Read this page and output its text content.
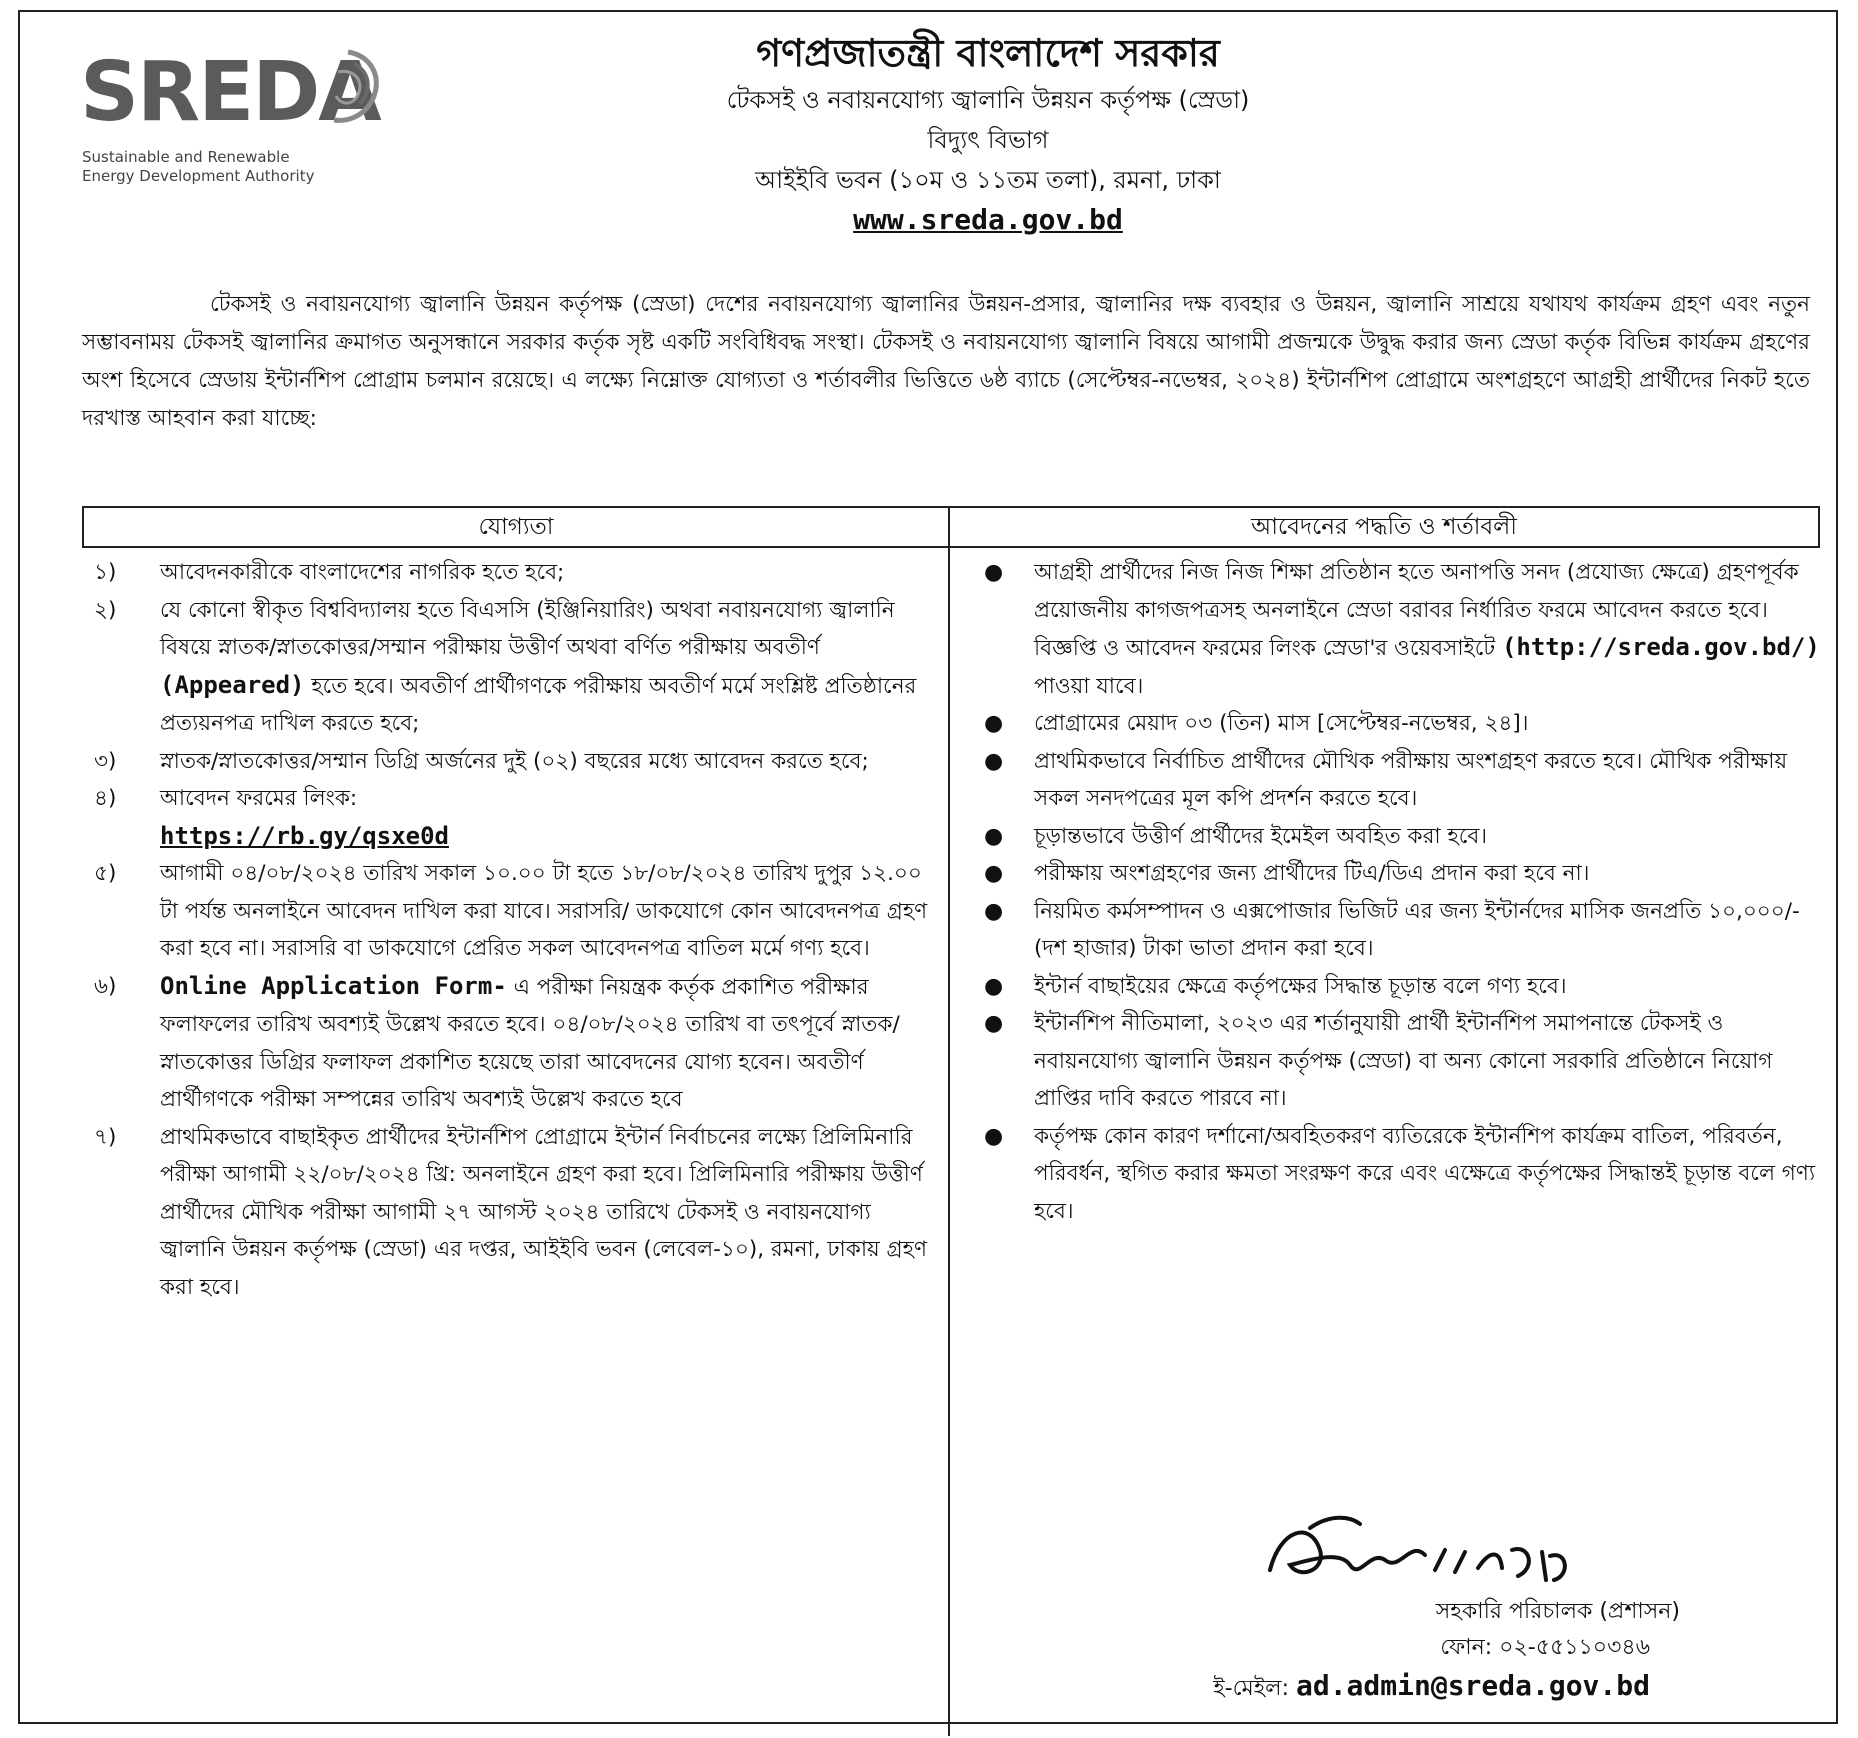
SREDA
Sustainable and Renewable
Energy Development Authority
গণপ্রজাতন্ত্রী বাংলাদেশ সরকার
টেকসই ও নবায়নযোগ্য জ্বালানি উন্নয়ন কর্তৃপক্ষ (স্রেডা)
বিদ্যুৎ বিভাগ
আইইবি ভবন (১০ম ও ১১তম তলা), রমনা, ঢাকা
www.sreda.gov.bd
টেকসই ও নবায়নযোগ্য জ্বালানি উন্নয়ন কর্তৃপক্ষ (স্রেডা) দেশের নবায়নযোগ্য জ্বালানির উন্নয়ন-প্রসার, জ্বালানির দক্ষ ব্যবহার ও উন্নয়ন, জ্বালানি সাশ্রয়ে যথাযথ কার্যক্রম গ্রহণ এবং নতুন সম্ভাবনাময় টেকসই জ্বালানির ক্রমাগত অনুসন্ধানে সরকার কর্তৃক সৃষ্ট একটি সংবিধিবদ্ধ সংস্থা। টেকসই ও নবায়নযোগ্য জ্বালানি বিষয়ে আগামী প্রজন্মকে উদ্বুদ্ধ করার জন্য স্রেডা কর্তৃক বিভিন্ন কার্যক্রম গ্রহণের অংশ হিসেবে স্রেডায় ইন্টার্নশিপ প্রোগ্রাম চলমান রয়েছে। এ লক্ষ্যে নিম্নোক্ত যোগ্যতা ও শর্তাবলীর ভিত্তিতে ৬ষ্ঠ ব্যাচে (সেপ্টেম্বর-নভেম্বর, ২০২৪) ইন্টার্নশিপ প্রোগ্রামে অংশগ্রহণে আগ্রহী প্রার্থীদের নিকট হতে দরখাস্ত আহবান করা যাচ্ছে:
যোগ্যতা	আবেদনের পদ্ধতি ও শর্তাবলী
১) আবেদনকারীকে বাংলাদেশের নাগরিক হতে হবে;

২) যে কোনো স্বীকৃত বিশ্ববিদ্যালয় হতে বিএসসি (ইঞ্জিনিয়ারিং) অথবা নবায়নযোগ্য জ্বালানি বিষয়ে স্নাতক/স্নাতকোত্তর/সম্মান পরীক্ষায় উত্তীর্ণ অথবা বর্ণিত পরীক্ষায় অবতীর্ণ (Appeared) হতে হবে। অবতীর্ণ প্রার্থীগণকে পরীক্ষায় অবতীর্ণ মর্মে সংশ্লিষ্ট প্রতিষ্ঠানের প্রত্যয়নপত্র দাখিল করতে হবে;

৩) স্নাতক/স্নাতকোত্তর/সম্মান ডিগ্রি অর্জনের দুই (০২) বছরের মধ্যে আবেদন করতে হবে;

৪) আবেদন ফরমের লিংক:

https://rb.gy/qsxe0d

৫) আগামী ০৪/০৮/২০২৪ তারিখ সকাল ১০.০০ টা হতে ১৮/০৮/২০২৪ তারিখ দুপুর ১২.০০ টা পর্যন্ত অনলাইনে আবেদন দাখিল করা যাবে। সরাসরি/ ডাকযোগে কোন আবেদনপত্র গ্রহণ করা হবে না। সরাসরি বা ডাকযোগে প্রেরিত সকল আবেদনপত্র বাতিল মর্মে গণ্য হবে।

৬) Online Application Form- এ পরীক্ষা নিয়ন্ত্রক কর্তৃক প্রকাশিত পরীক্ষার ফলাফলের তারিখ অবশ্যই উল্লেখ করতে হবে। ০৪/০৮/২০২৪ তারিখ বা তৎপূর্বে স্নাতক/ স্নাতকোত্তর ডিগ্রির ফলাফল প্রকাশিত হয়েছে তারা আবেদনের যোগ্য হবেন। অবতীর্ণ প্রার্থীগণকে পরীক্ষা সম্পন্নের তারিখ অবশ্যই উল্লেখ করতে হবে

৭) প্রাথমিকভাবে বাছাইকৃত প্রার্থীদের ইন্টার্নশিপ প্রোগ্রামে ইন্টার্ন নির্বাচনের লক্ষ্যে প্রিলিমিনারি পরীক্ষা আগামী ২২/০৮/২০২৪ খ্রি: অনলাইনে গ্রহণ করা হবে। প্রিলিমিনারি পরীক্ষায় উত্তীর্ণ প্রার্থীদের মৌখিক পরীক্ষা আগামী ২৭ আগস্ট ২০২৪ তারিখে টেকসই ও নবায়নযোগ্য জ্বালানি উন্নয়ন কর্তৃপক্ষ (স্রেডা) এর দপ্তর, আইইবি ভবন (লেবেল-১০), রমনা, ঢাকায় গ্রহণ করা হবে।

● আগ্রহী প্রার্থীদের নিজ নিজ শিক্ষা প্রতিষ্ঠান হতে অনাপত্তি সনদ (প্রযোজ্য ক্ষেত্রে) গ্রহণপূর্বক প্রয়োজনীয় কাগজপত্রসহ অনলাইনে স্রেডা বরাবর নির্ধারিত ফরমে আবেদন করতে হবে। বিজ্ঞপ্তি ও আবেদন ফরমের লিংক স্রেডা'র ওয়েবসাইটে (http://sreda.gov.bd/) পাওয়া যাবে।
● প্রোগ্রামের মেয়াদ ০৩ (তিন) মাস [সেপ্টেম্বর-নভেম্বর, ২৪]।
● প্রাথমিকভাবে নির্বাচিত প্রার্থীদের মৌখিক পরীক্ষায় অংশগ্রহণ করতে হবে। মৌখিক পরীক্ষায় সকল সনদপত্রের মূল কপি প্রদর্শন করতে হবে।
● চূড়ান্তভাবে উত্তীর্ণ প্রার্থীদের ইমেইল অবহিত করা হবে।
● পরীক্ষায় অংশগ্রহণের জন্য প্রার্থীদের টিএ/ডিএ প্রদান করা হবে না।
● নিয়মিত কর্মসম্পাদন ও এক্সপোজার ভিজিট এর জন্য ইন্টার্নদের মাসিক জনপ্রতি ১০,০০০/- (দশ হাজার) টাকা ভাতা প্রদান করা হবে।
● ইন্টার্ন বাছাইয়ের ক্ষেত্রে কর্তৃপক্ষের সিদ্ধান্ত চূড়ান্ত বলে গণ্য হবে।
● ইন্টার্নশিপ নীতিমালা, ২০২৩ এর শর্তানুযায়ী প্রার্থী ইন্টার্নশিপ সমাপনান্তে টেকসই ও নবায়নযোগ্য জ্বালানি উন্নয়ন কর্তৃপক্ষ (স্রেডা) বা অন্য কোনো সরকারি প্রতিষ্ঠানে নিয়োগ প্রাপ্তির দাবি করতে পারবে না।
● কর্তৃপক্ষ কোন কারণ দর্শানো/অবহিতকরণ ব্যতিরেকে ইন্টার্নশিপ কার্যক্রম বাতিল, পরিবর্তন, পরিবর্ধন, স্থগিত করার ক্ষমতা সংরক্ষণ করে এবং এক্ষেত্রে কর্তৃপক্ষের সিদ্ধান্তই চূড়ান্ত বলে গণ্য হবে।
সহকারি পরিচালক (প্রশাসন)
ফোন: ০২-৫৫১১০৩৪৬
ই-মেইল: ad.admin@sreda.gov.bd
